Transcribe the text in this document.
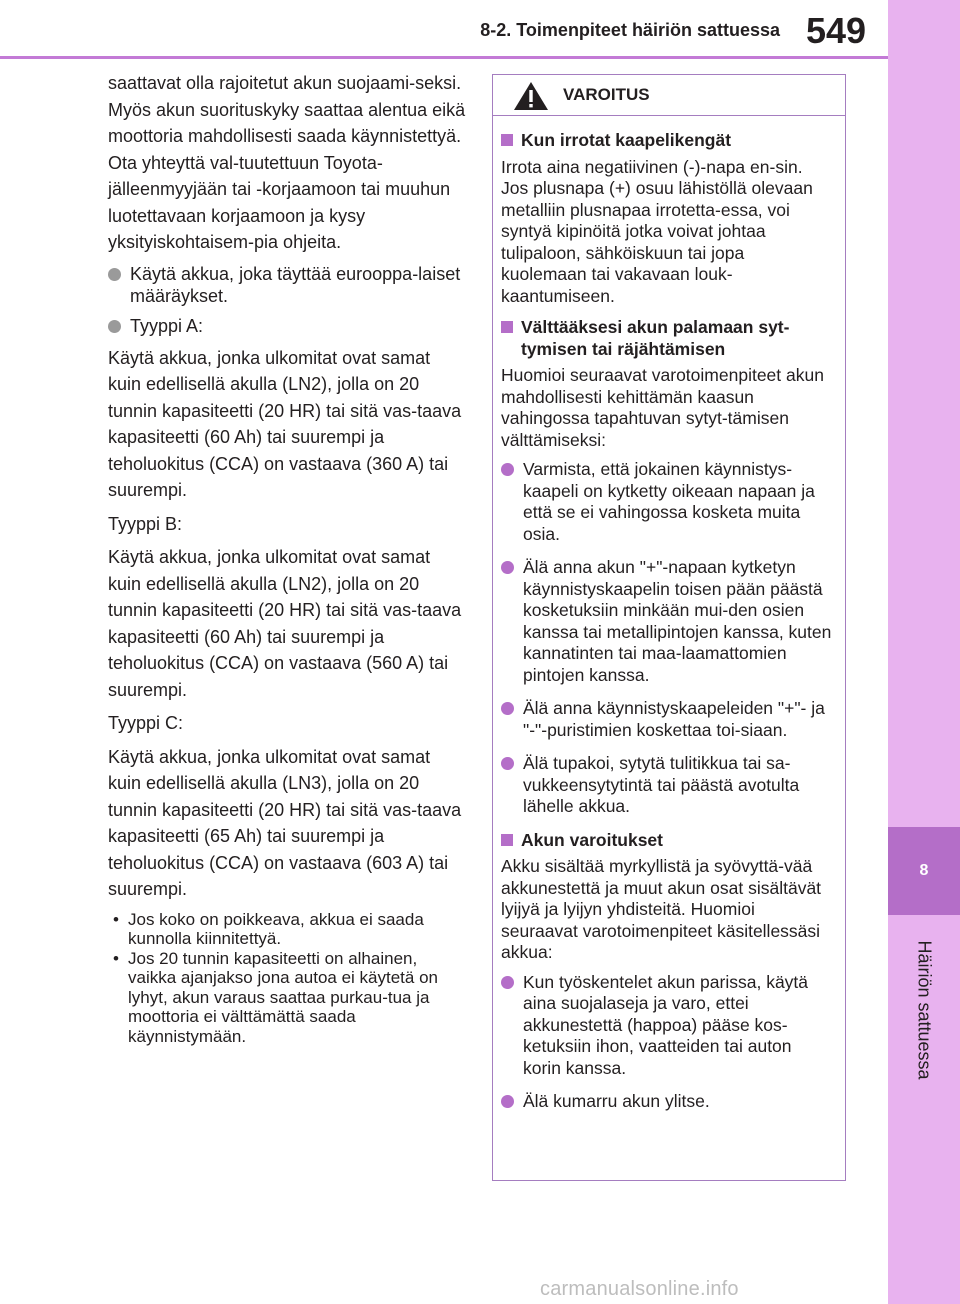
8-2. Toimenpiteet häiriön sattuessa 549
8
Häiriön sattuessa

saattavat olla rajoitetut akun suojaami-seksi. Myös akun suorituskyky saattaa alentua eikä moottoria mahdollisesti saada käynnistettyä. Ota yhteyttä val-tuutettuun Toyota-jälleenmyyjään tai -korjaamoon tai muuhun luotettavaan korjaamoon ja kysy yksityiskohtaisem-pia ohjeita.

Käytä akkua, joka täyttää eurooppa-laiset määräykset.
Tyyppi A:

Käytä akkua, jonka ulkomitat ovat samat kuin edellisellä akulla (LN2), jolla on 20 tunnin kapasiteetti (20 HR) tai sitä vas-taava kapasiteetti (60 Ah) tai suurempi ja teholuokitus (CCA) on vastaava (360 A) tai suurempi.

Tyyppi B:

Käytä akkua, jonka ulkomitat ovat samat kuin edellisellä akulla (LN2), jolla on 20 tunnin kapasiteetti (20 HR) tai sitä vas-taava kapasiteetti (60 Ah) tai suurempi ja teholuokitus (CCA) on vastaava (560 A) tai suurempi.

Tyyppi C:

Käytä akkua, jonka ulkomitat ovat samat kuin edellisellä akulla (LN3), jolla on 20 tunnin kapasiteetti (20 HR) tai sitä vas-taava kapasiteetti (65 Ah) tai suurempi ja teholuokitus (CCA) on vastaava (603 A) tai suurempi.

• Jos koko on poikkeava, akkua ei saada kunnolla kiinnitettyä.
• Jos 20 tunnin kapasiteetti on alhainen, vaikka ajanjakso jona autoa ei käytetä on lyhyt, akun varaus saattaa purkau-tua ja moottoria ei välttämättä saada käynnistymään.
VAROITUS
Kun irrotat kaapelikengät

Irrota aina negatiivinen (-)-napa en-sin. Jos plusnapa (+) osuu lähistöllä olevaan metalliin plusnapaa irrotetta-essa, voi syntyä kipinöitä jotka voivat johtaa tulipaloon, sähköiskuun tai jopa kuolemaan tai vakavaan louk-kaantumiseen.

Välttääksesi akun palamaan syt-tymisen tai räjähtämisen

Huomioi seuraavat varotoimenpiteet akun mahdollisesti kehittämän kaasun vahingossa tapahtuvan sytyt-tämisen välttämiseksi:

Varmista, että jokainen käynnistys-kaapeli on kytketty oikeaan napaan ja että se ei vahingossa kosketa muita osia.
Älä anna akun "+"-napaan kytketyn käynnistyskaapelin toisen pään päästä kosketuksiin minkään mui-den osien kanssa tai metallipintojen kanssa, kuten kannatinten tai maa-laamattomien pintojen kanssa.
Älä anna käynnistyskaapeleiden "+"- ja "-"-puristimien koskettaa toi-siaan.
Älä tupakoi, sytytä tulitikkua tai sa-vukkeensytytintä tai päästä avotulta lähelle akkua.
Akun varoitukset

Akku sisältää myrkyllistä ja syövyttä-vää akkunestettä ja muut akun osat sisältävät lyijyä ja lyijyn yhdisteitä. Huomioi seuraavat varotoimenpiteet käsitellessäsi akkua:

Kun työskentelet akun parissa, käytä aina suojalaseja ja varo, ettei akkunestettä (happoa) pääse kos-ketuksiin ihon, vaatteiden tai auton korin kanssa.
Älä kumarru akun ylitse.
carmanualsonline.info
